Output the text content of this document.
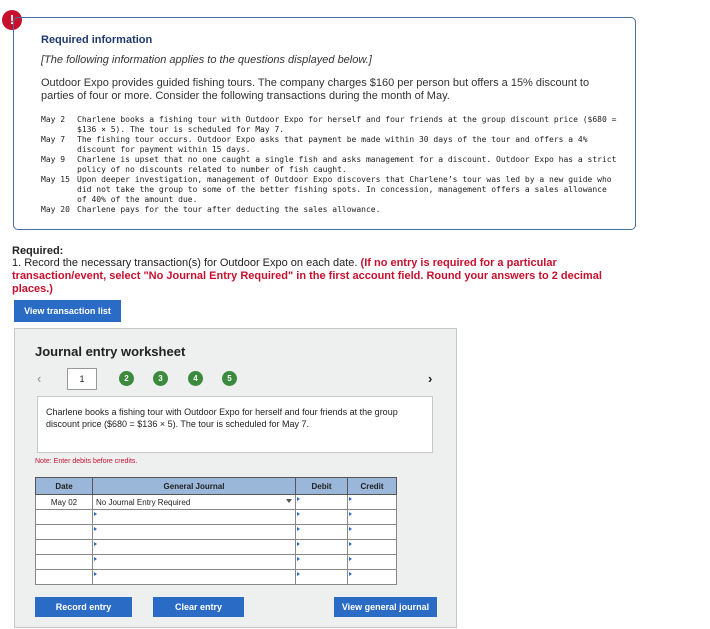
!
Required information
[The following information applies to the questions displayed below.]
Outdoor Expo provides guided fishing tours. The company charges $160 per person but offers a 15% discount to parties of four or more. Consider the following transactions during the month of May.
May 2	Charlene books a fishing tour with Outdoor Expo for herself and four friends at the group discount price ($680 = $136 × 5). The tour is scheduled for May 7.
May 7	The fishing tour occurs. Outdoor Expo asks that payment be made within 30 days of the tour and offers a 4% discount for payment within 15 days.
May 9	Charlene is upset that no one caught a single fish and asks management for a discount. Outdoor Expo has a strict policy of no discounts related to number of fish caught.
May 15 Upon deeper investigation, management of Outdoor Expo discovers that Charlene’s tour was led by a new guide who did not take the group to some of the better fishing spots. In concession, management offers a sales allowance of 40% of the amount due.
May 20 Charlene pays for the tour after deducting the sales allowance.
Required:
1. Record the necessary transaction(s) for Outdoor Expo on each date. (If no entry is required for a particular transaction/event, select "No Journal Entry Required" in the first account field. Round your answers to 2 decimal places.)
View transaction list
Journal entry worksheet
‹	1	2	3	4	5	›
Charlene books a fishing tour with Outdoor Expo for herself and four friends at the group discount price ($680 = $136 × 5). The tour is scheduled for May 7.
Note: Enter debits before credits.
Date	General Journal	Debit	Credit
May 02	No Journal Entry Required

Record entry	Clear entry	View general journal
